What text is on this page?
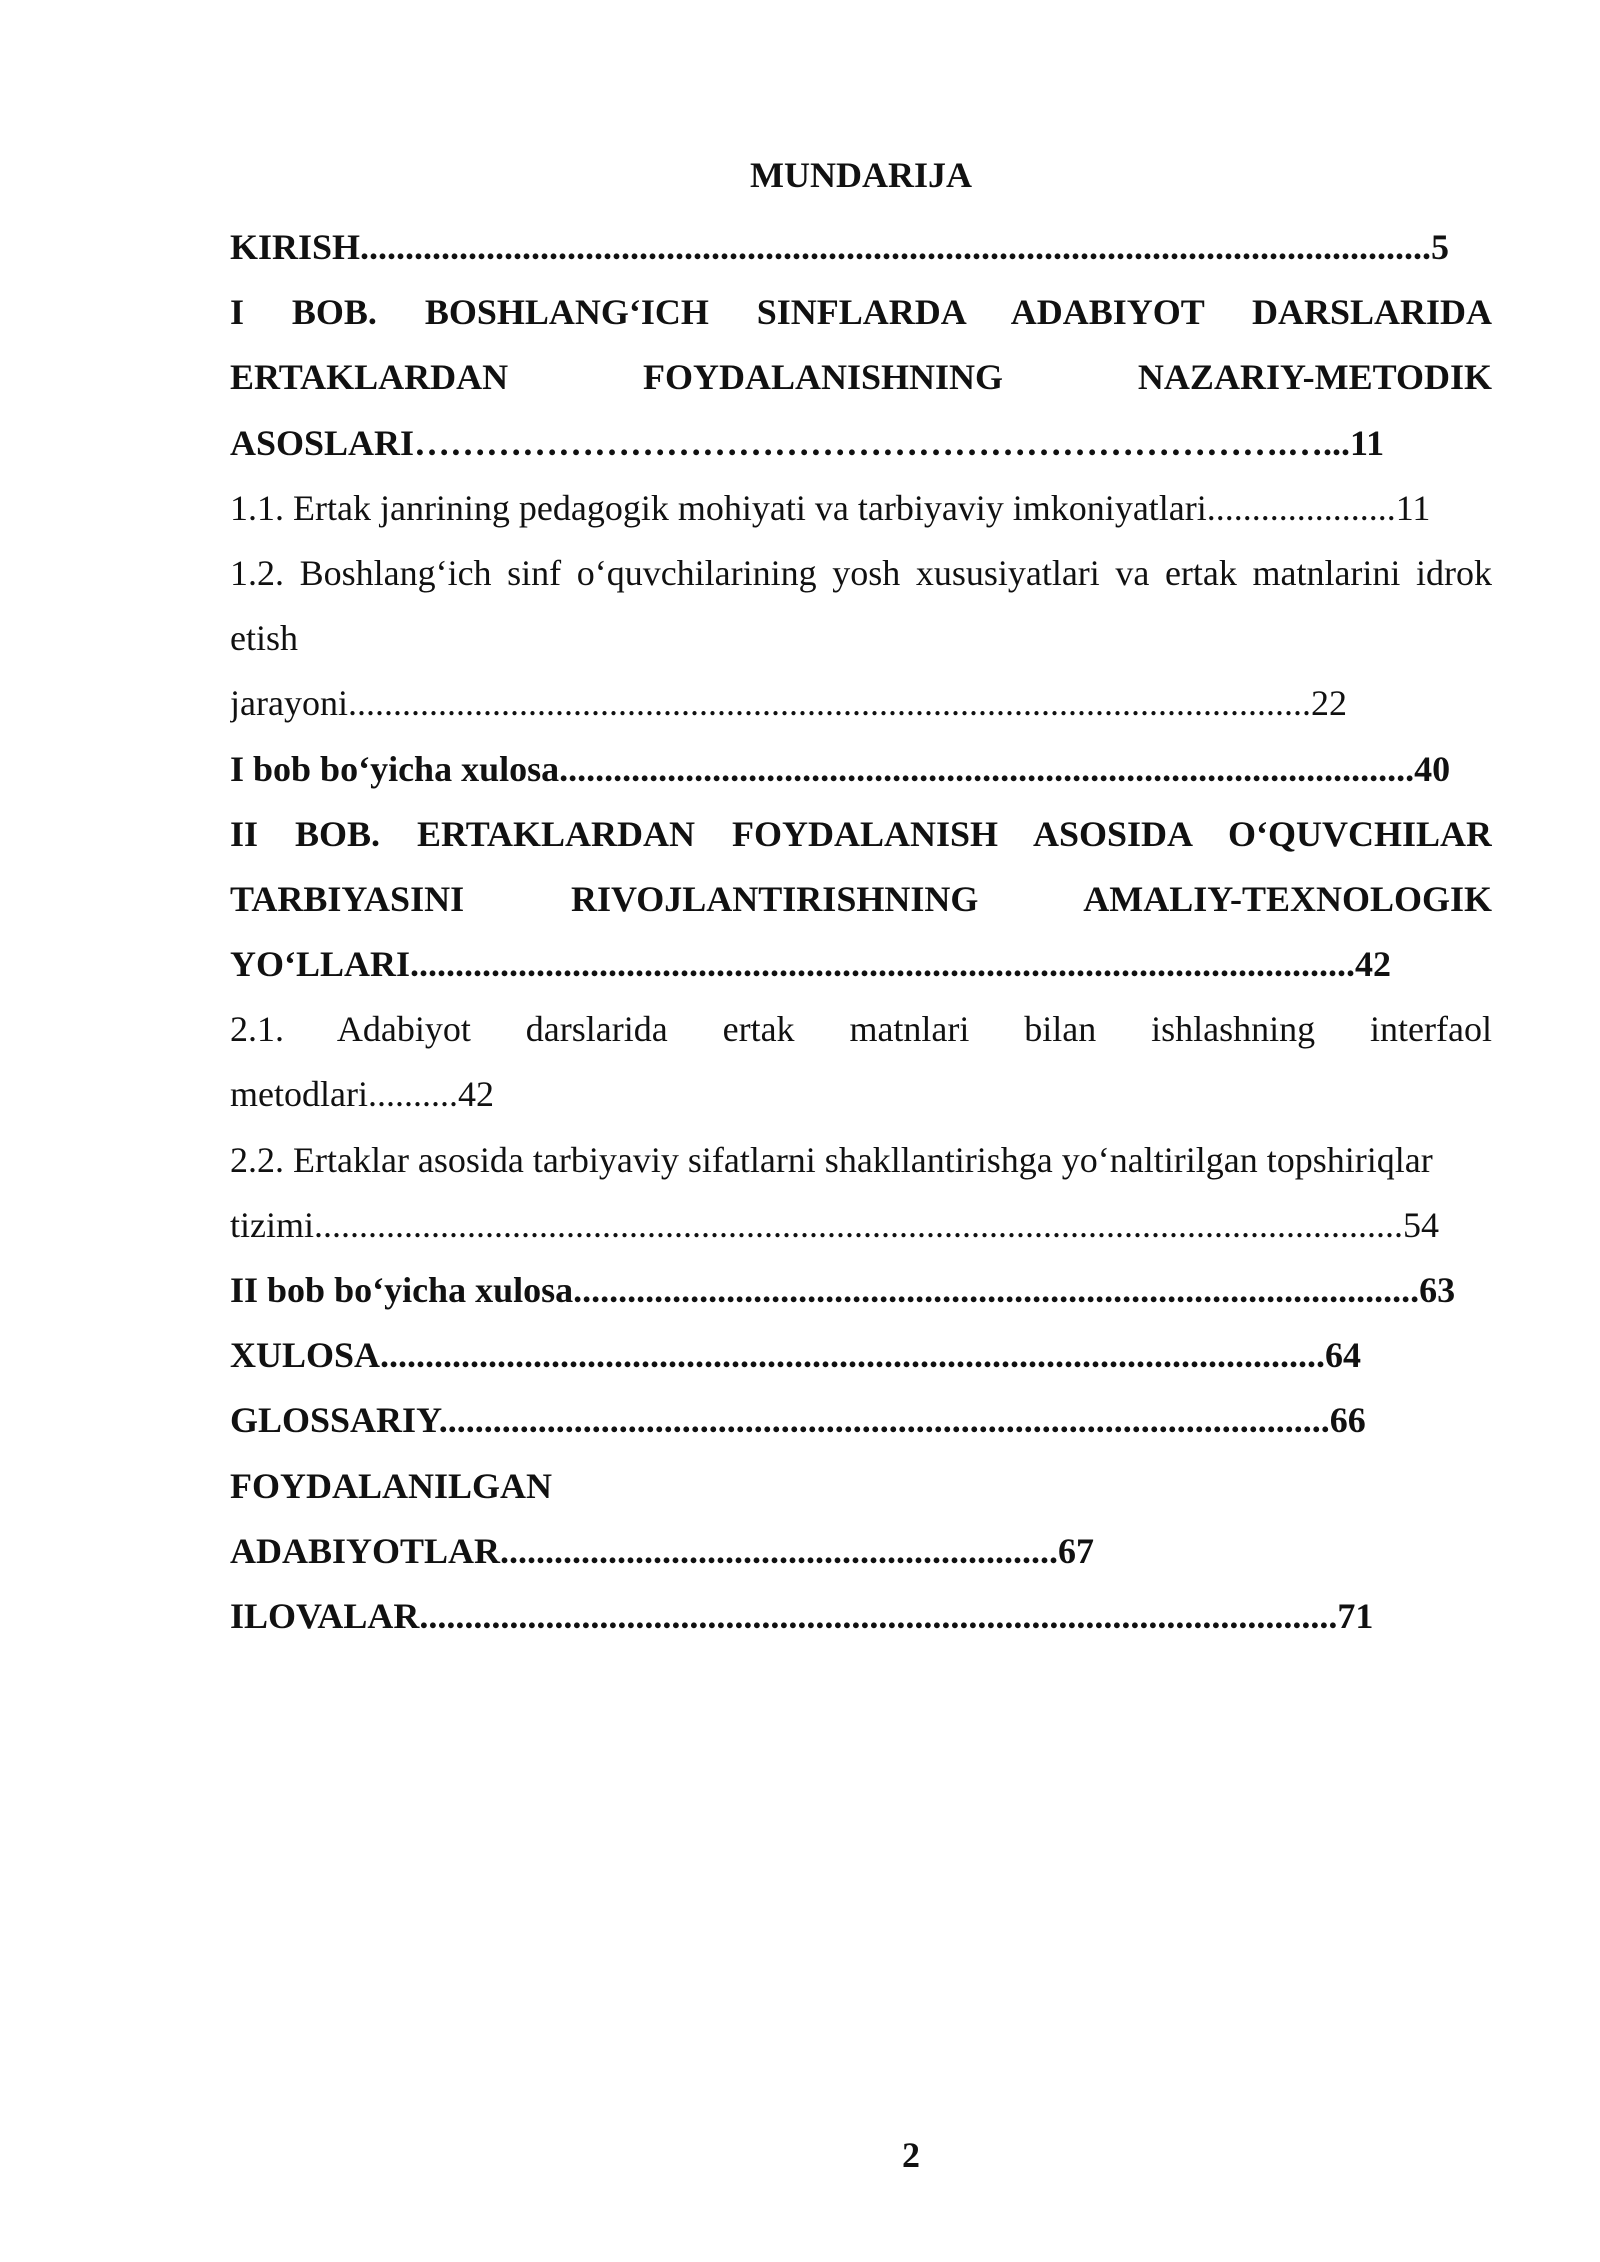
MUNDARIJA
KIRISH.......................................................................................................................5
I BOB. BOSHLANG‘ICH SINFLARDA ADABIYOT DARSLARIDA
ERTAKLARDAN FOYDALANISHNING NAZARIY-METODIK
ASOSLARI……………………………………………………………….…...11
1.1. Ertak janrining pedagogik mohiyati va tarbiyaviy imkoniyatlari.....................11
1.2. Boshlang‘ich sinf o‘quvchilarining yosh xususiyatlari va ertak matnlarini idrok
etish
jarayoni...........................................................................................................22
I bob bo‘yicha xulosa...............................................................................................40
II BOB. ERTAKLARDAN FOYDALANISH ASOSIDA O‘QUVCHILAR
TARBIYASINI RIVOJLANTIRISHNING AMALIY-TEXNOLOGIK
YO‘LLARI.........................................................................................................42
2.1. Adabiyot darslarida ertak matnlari bilan ishlashning interfaol
metodlari..........42
2.2. Ertaklar asosida tarbiyaviy sifatlarni shakllantirishga yo‘naltirilgan topshiriqlar
tizimi.........................................................................................................................54
II bob bo‘yicha xulosa..............................................................................................63
XULOSA.........................................................................................................64
GLOSSARIY...................................................................................................66
FOYDALANILGAN
ADABIYOTLAR..............................................................67
ILOVALAR......................................................................................................71
2
